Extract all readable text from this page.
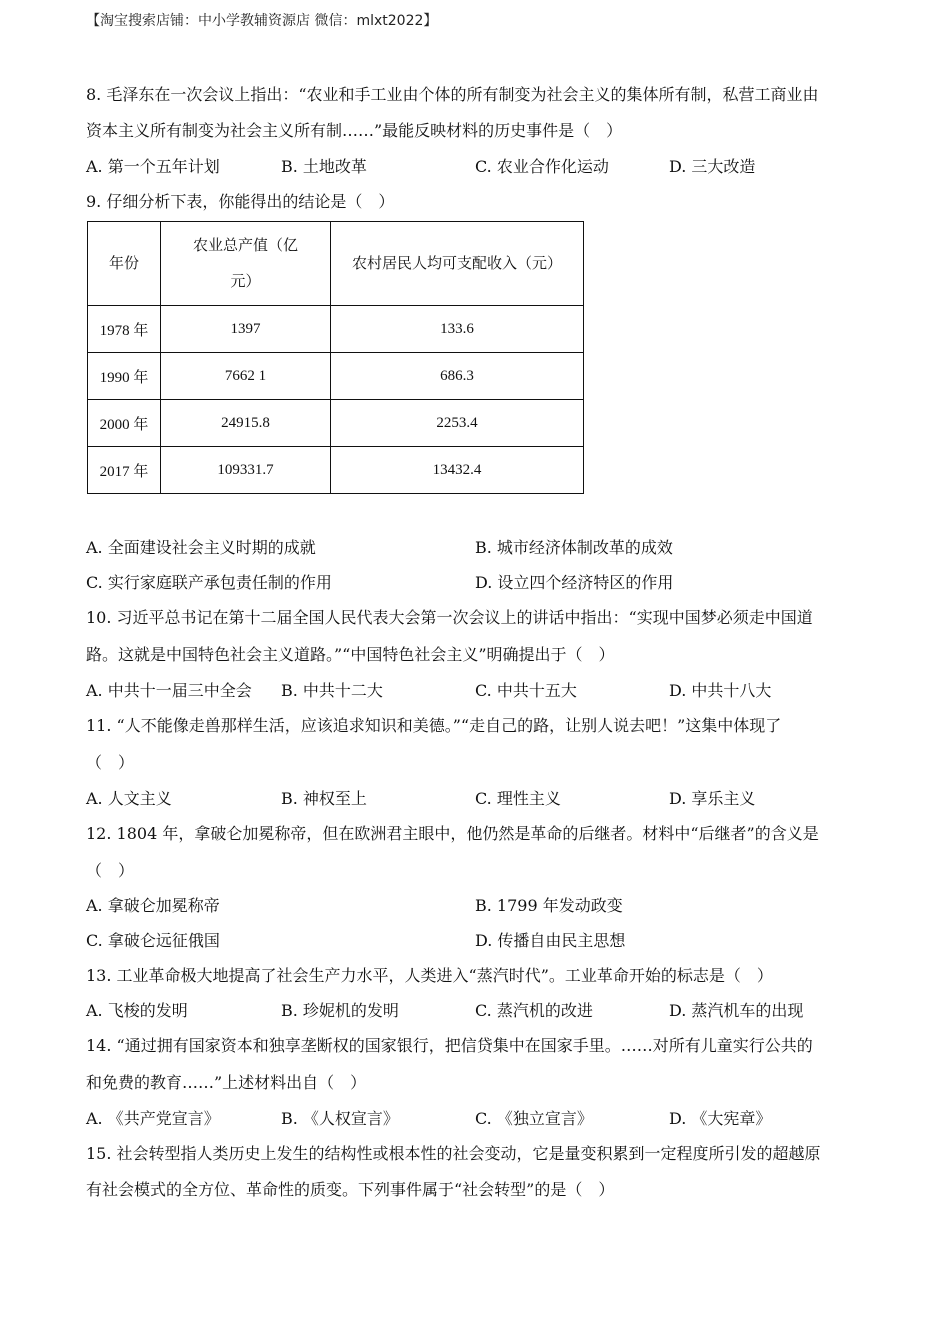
【淘宝搜索店铺：中小学教辅资源店 微信：mlxt2022】
8. 毛泽东在一次会议上指出：“农业和手工业由个体的所有制变为社会主义的集体所有制，私营工商业由
资本主义所有制变为社会主义所有制……”最能反映材料的历史事件是（　）
A. 第一个五年计划	B. 土地改革	C. 农业合作化运动	D. 三大改造
9. 仔细分析下表，你能得出的结论是（　）
年份	农业总产值（亿元）	农村居民人均可支配收入（元）
1978 年	1397	133.6
1990 年	7662 1	686.3
2000 年	24915.8	2253.4
2017 年	109331.7	13432.4
A. 全面建设社会主义时期的成就	B. 城市经济体制改革的成效
C. 实行家庭联产承包责任制的作用	D. 设立四个经济特区的作用
10. 习近平总书记在第十二届全国人民代表大会第一次会议上的讲话中指出：“实现中国梦必须走中国道
路。这就是中国特色社会主义道路。”“中国特色社会主义”明确提出于（　）
A. 中共十一届三中全会 B. 中共十二大	C. 中共十五大	D. 中共十八大
11. “人不能像走兽那样生活，应该追求知识和美德。”“走自己的路，让别人说去吧！”这集中体现了
（　）
A. 人文主义	B. 神权至上	C. 理性主义	D. 享乐主义
12. 1804 年，拿破仑加冕称帝，但在欧洲君主眼中，他仍然是革命的后继者。材料中“后继者”的含义是
（　）
A. 拿破仑加冕称帝	B. 1799 年发动政变
C. 拿破仑远征俄国	D. 传播自由民主思想
13. 工业革命极大地提高了社会生产力水平，人类进入“蒸汽时代”。工业革命开始的标志是（　）
A. 飞梭的发明	B. 珍妮机的发明	C. 蒸汽机的改进	D. 蒸汽机车的出现
14. “通过拥有国家资本和独享垄断权的国家银行，把信贷集中在国家手里。……对所有儿童实行公共的
和免费的教育……”上述材料出自（　）
A. 《共产党宣言》	B. 《人权宣言》	C. 《独立宣言》	D. 《大宪章》
15. 社会转型指人类历史上发生的结构性或根本性的社会变动，它是量变积累到一定程度所引发的超越原
有社会模式的全方位、革命性的质变。下列事件属于“社会转型”的是（　）
